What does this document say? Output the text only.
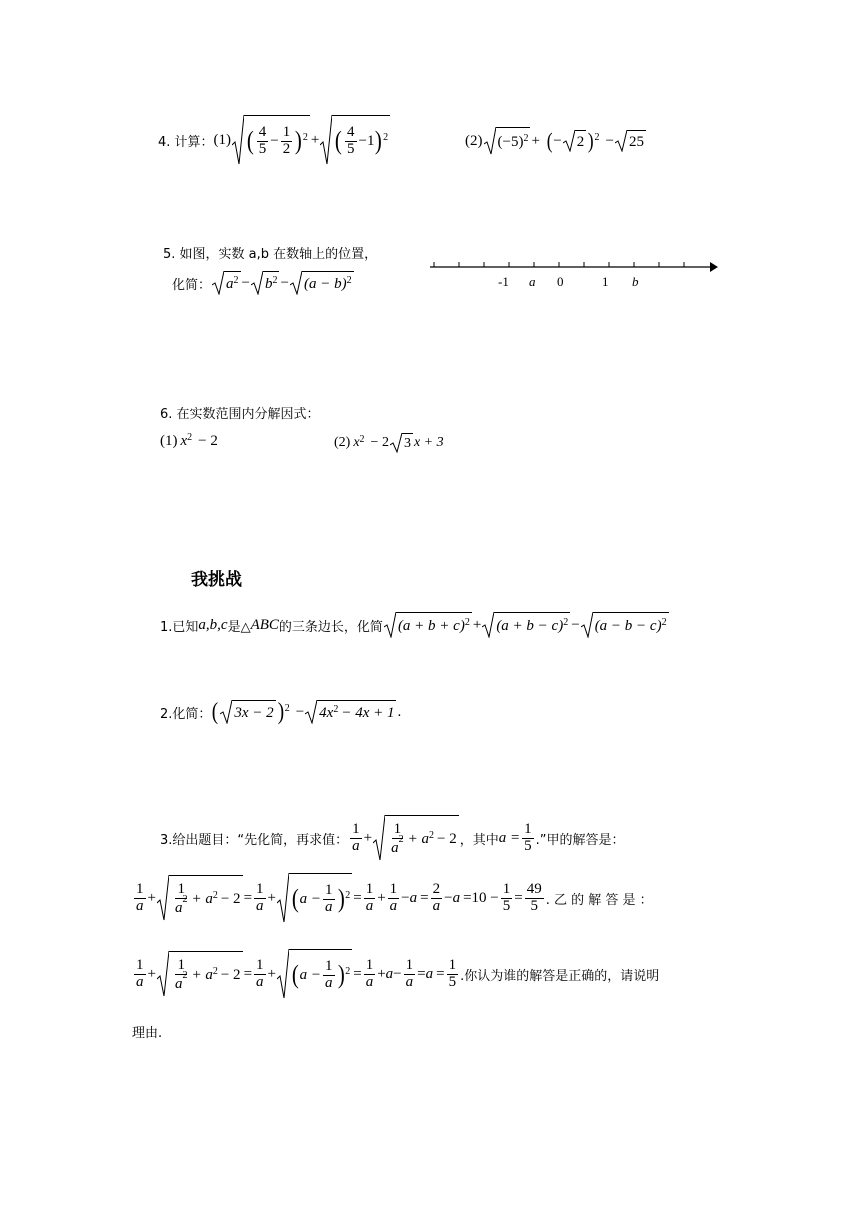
4. 计算： (1) ( $\frac{4}{5} - \frac{1}{2}$ ) 2 + ( $\frac{4}{5} - 1$ ) 2	(2) (−5) 2 + ( − 2 ) 2 − 25
5. 如图，实数 a,b 在数轴上的位置，
化简： a 2 − b 2 − (a − b) 2	-1 a 0	1 b
6. 在实数范围内分解因式：
(1) x 2 − 2	(2) x 2 − 2 3 x + 3
我挑战
1.已知 a,b,c 是△ ABC 的三条边长，化简 (a + b + c) 2 + (a + b − c) 2 − (a − b − c) 2
2.化简： ( 3x − 2 ) 2 − 4x 2 − 4x + 1 .
3.给出题目：“先化简，再求值： $\frac{1}{a} + \frac{1}{a^2} + a$ 2 − 2 ，其中 $a = \frac{1}{5}$ .”甲的解答是：
$\frac{1}{a} + \frac{1}{a^2} + a$ $2 - 2 = \frac{1}{a}$ + ( $a - \frac{1}{a}$ ) $2 = \frac{1}{a} + \frac{1}{a} - a = \frac{2}{a} - a = 10 - \frac{1}{5} = \frac{49}{5}$ . 乙 的 解 答 是 ：
$\frac{1}{a} + \frac{1}{a^2} + a$ $2 - 2 = \frac{1}{a}$ + ( $a - \frac{1}{a}$ ) $2 = \frac{1}{a} + a - \frac{1}{a} = a = \frac{1}{5}$ .你认为谁的解答是正确的，请说明
理由.
